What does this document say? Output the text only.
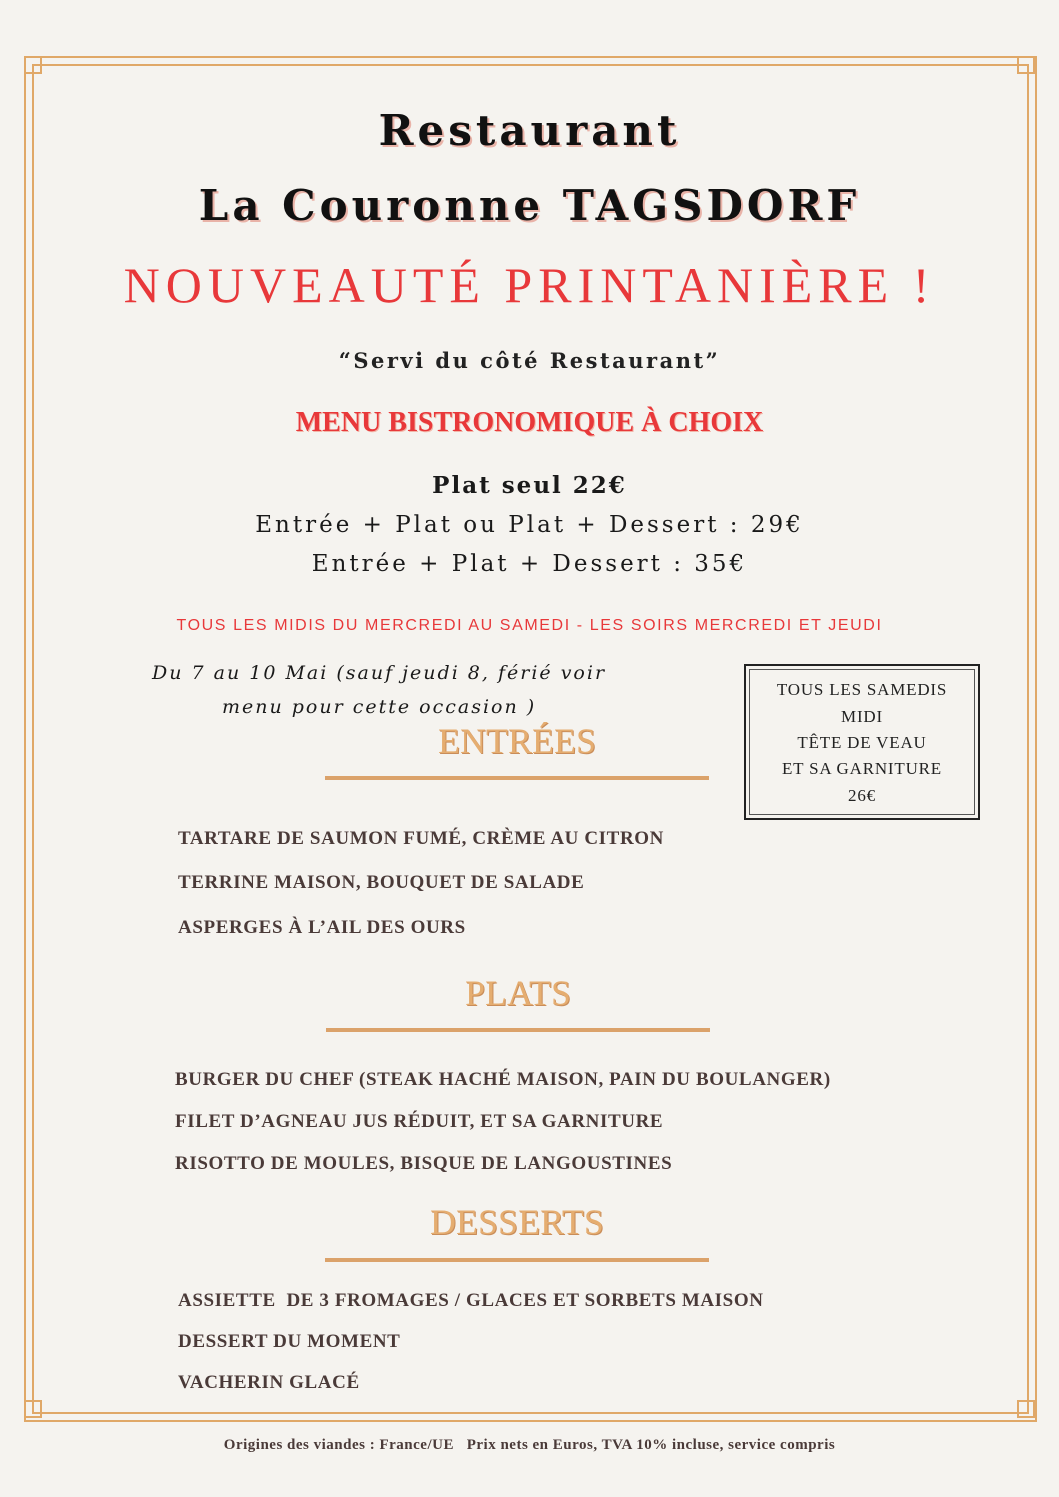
Restaurant
La Couronne TAGSDORF
NOUVEAUTÉ PRINTANIÈRE !
“Servi du côté Restaurant”
MENU BISTRONOMIQUE À CHOIX
Plat seul 22€
Entrée + Plat ou Plat + Dessert : 29€
Entrée + Plat + Dessert : 35€
TOUS LES MIDIS DU MERCREDI AU SAMEDI - LES SOIRS MERCREDI ET JEUDI
Du 7 au 10 Mai (sauf jeudi 8, férié voir
menu pour cette occasion )
TOUS LES SAMEDIS
MIDI
TÊTE DE VEAU
ET SA GARNITURE
26€
ENTRÉES
TARTARE DE SAUMON FUMÉ, CRÈME AU CITRON
TERRINE MAISON, BOUQUET DE SALADE
ASPERGES À L’AIL DES OURS
PLATS
BURGER DU CHEF (STEAK HACHÉ MAISON, PAIN DU BOULANGER)
FILET D’AGNEAU JUS RÉDUIT, ET SA GARNITURE
RISOTTO DE MOULES, BISQUE DE LANGOUSTINES
DESSERTS
ASSIETTE  DE 3 FROMAGES / GLACES ET SORBETS MAISON
DESSERT DU MOMENT
VACHERIN GLACÉ
Origines des viandes : France/UE   Prix nets en Euros, TVA 10% incluse, service compris
